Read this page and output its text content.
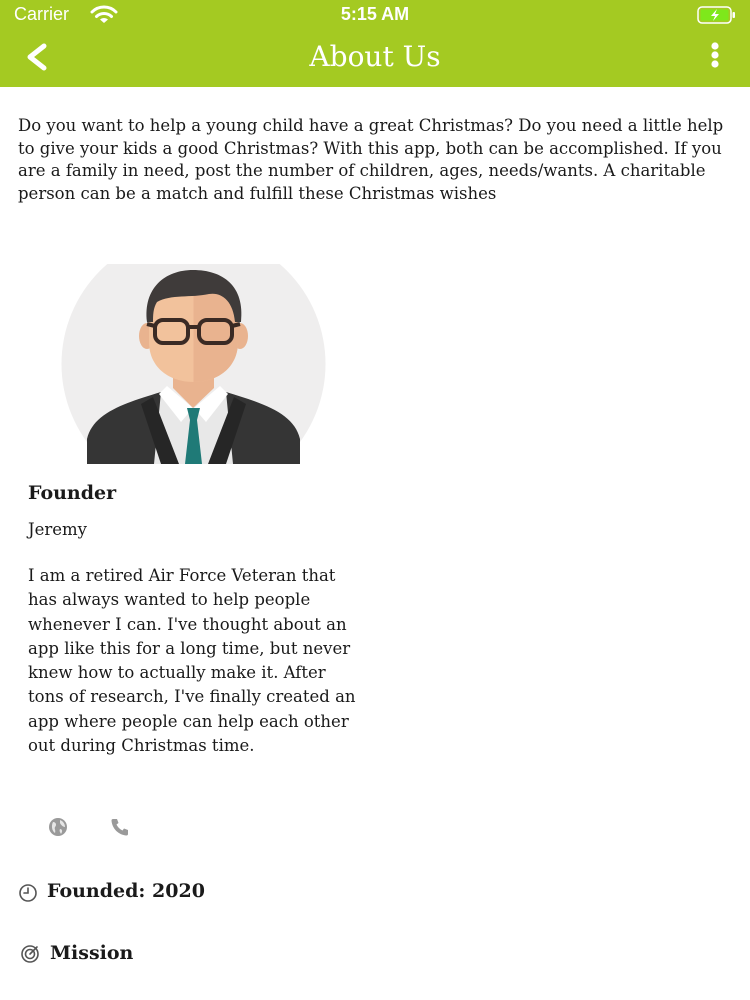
Carrier	5:15 AM
About Us

Do you want to help a young child have a great Christmas? Do you need a little help to give your kids a good Christmas? With this app, both can be accomplished. If you are a family in need, post the number of children, ages, needs/wants. A charitable person can be a match and fulfill these Christmas wishes

Founder
Jeremy

I am a retired Air Force Veteran that has always wanted to help people whenever I can. I've thought about an app like this for a long time, but never knew how to actually make it. After tons of research, I've finally created an app where people can help each other out during Christmas time.

Founded: 2020
Mission
